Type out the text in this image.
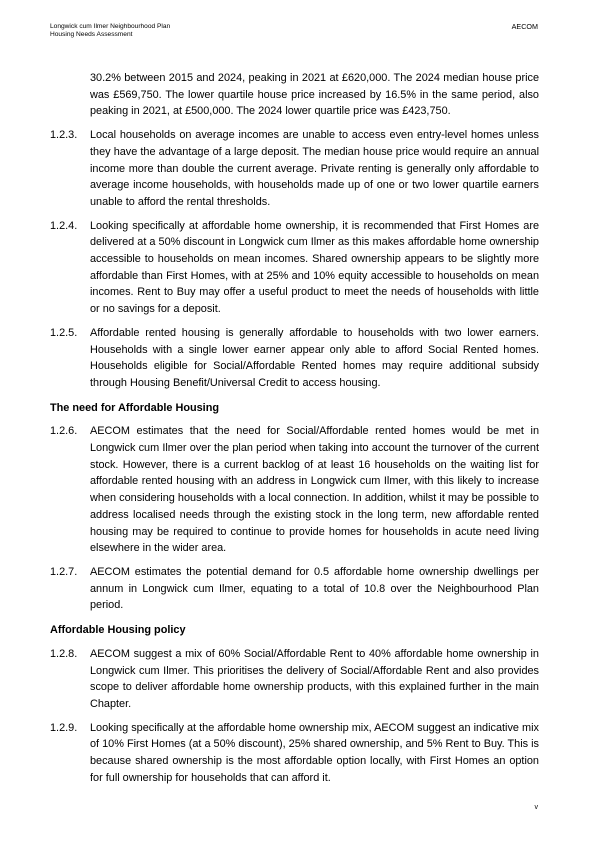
Longwick cum Ilmer Neighbourhood Plan
Housing Needs Assessment
AECOM
30.2% between 2015 and 2024, peaking in 2021 at £620,000. The 2024 median house price was £569,750. The lower quartile house price increased by 16.5% in the same period, also peaking in 2021, at £500,000. The 2024 lower quartile price was £423,750.
1.2.3.	Local households on average incomes are unable to access even entry-level homes unless they have the advantage of a large deposit. The median house price would require an annual income more than double the current average. Private renting is generally only affordable to average income households, with households made up of one or two lower quartile earners unable to afford the rental thresholds.
1.2.4.	Looking specifically at affordable home ownership, it is recommended that First Homes are delivered at a 50% discount in Longwick cum Ilmer as this makes affordable home ownership accessible to households on mean incomes. Shared ownership appears to be slightly more affordable than First Homes, with at 25% and 10% equity accessible to households on mean incomes. Rent to Buy may offer a useful product to meet the needs of households with little or no savings for a deposit.
1.2.5.	Affordable rented housing is generally affordable to households with two lower earners. Households with a single lower earner appear only able to afford Social Rented homes. Households eligible for Social/Affordable Rented homes may require additional subsidy through Housing Benefit/Universal Credit to access housing.
The need for Affordable Housing
1.2.6.	AECOM estimates that the need for Social/Affordable rented homes would be met in Longwick cum Ilmer over the plan period when taking into account the turnover of the current stock. However, there is a current backlog of at least 16 households on the waiting list for affordable rented housing with an address in Longwick cum Ilmer, with this likely to increase when considering households with a local connection. In addition, whilst it may be possible to address localised needs through the existing stock in the long term, new affordable rented housing may be required to continue to provide homes for households in acute need living elsewhere in the wider area.
1.2.7.	AECOM estimates the potential demand for 0.5 affordable home ownership dwellings per annum in Longwick cum Ilmer, equating to a total of 10.8 over the Neighbourhood Plan period.
Affordable Housing policy
1.2.8.	AECOM suggest a mix of 60% Social/Affordable Rent to 40% affordable home ownership in Longwick cum Ilmer. This prioritises the delivery of Social/Affordable Rent and also provides scope to deliver affordable home ownership products, with this explained further in the main Chapter.
1.2.9.	Looking specifically at the affordable home ownership mix, AECOM suggest an indicative mix of 10% First Homes (at a 50% discount), 25% shared ownership, and 5% Rent to Buy. This is because shared ownership is the most affordable option locally, with First Homes an option for full ownership for households that can afford it.
v
